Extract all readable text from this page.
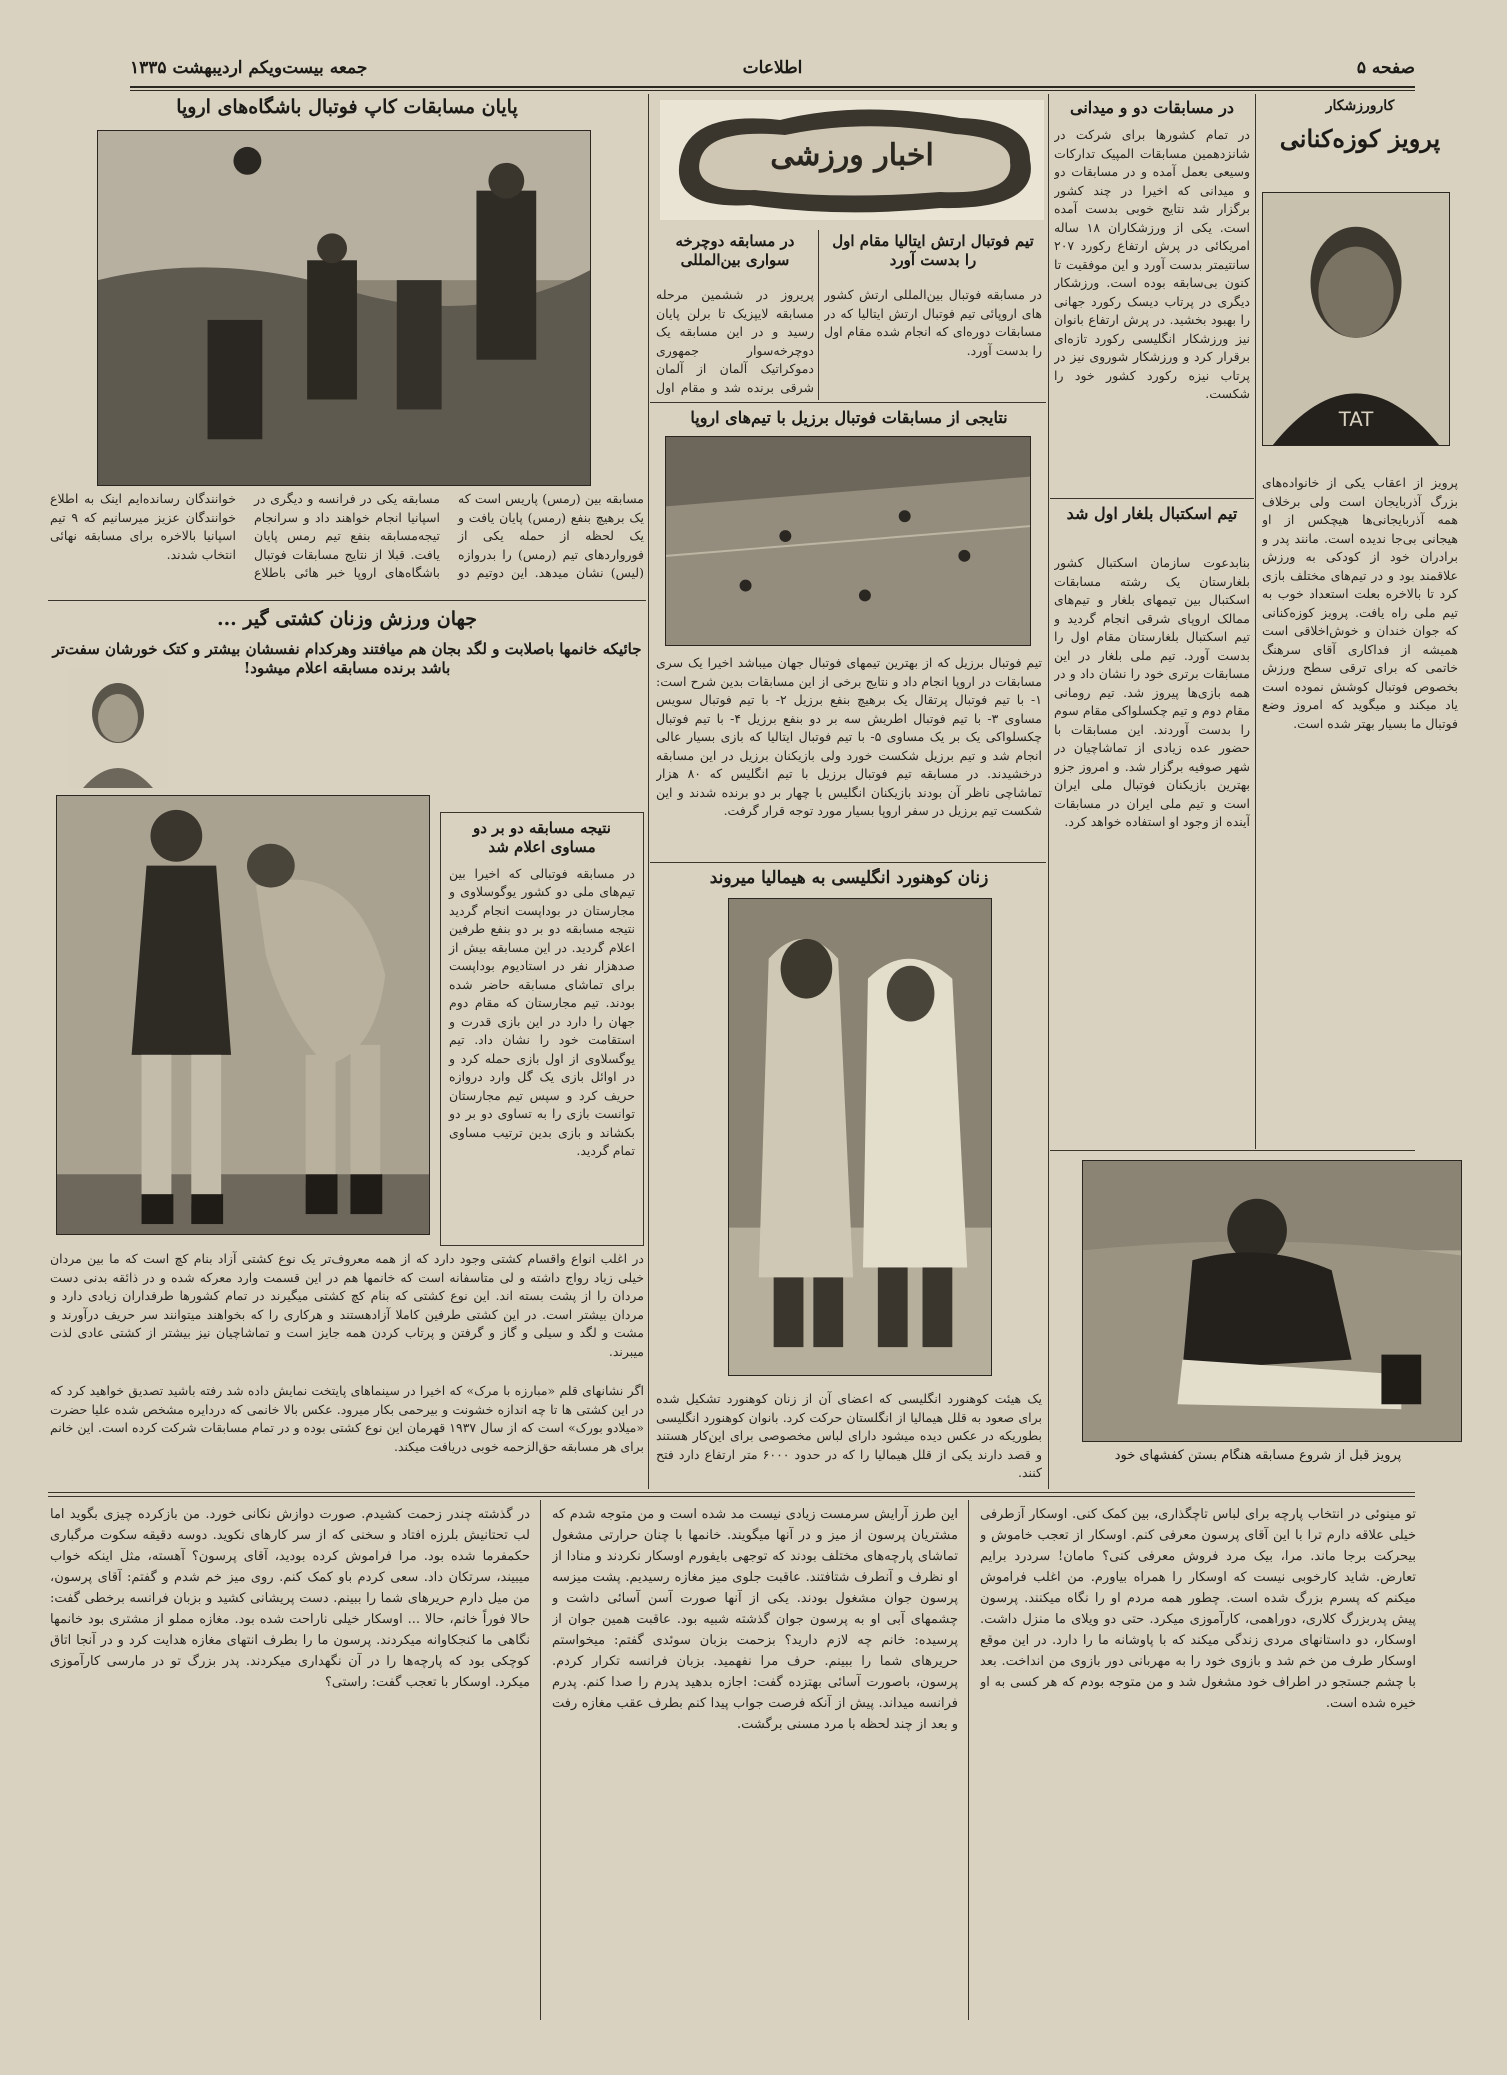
جمعه بیست‌ویکم اردیبهشت ۱۳۳۵	اطلاعات	صفحه ۵
پایان مسابقات کاپ فوتبال باشگاه‌های اروپا
مسابقه بین (رمس) پاریس است که یک برهیچ بنفع (رمس) پایان یافت و یک لحظه از حمله یکی از فوروارد‌های تیم (رمس) را بدروازه (لیس) نشان میدهد. این دوتیم دو مسابقه یکی در فرانسه و دیگری در اسپانیا انجام خواهند داد و سرانجام تیجه‌مسابقه بنفع تیم رمس پایان یافت. قبلا از نتایج مسابقات فوتبال باشگاه‌های اروپا خبر هائی باطلاع خوانندگان رسانده‌ایم اینک به اطلاع خوانندگان عزیز میرسانیم که ۹ تیم اسپانیا بالاخره برای مسابقه نهائی انتخاب شدند.
جهان ورزش وزنان کشتی گیر ...
جائیکه خانمها باصلابت و لگد بجان هم میافتند وهرکدام نفسشان بیشتر و کتک خورشان سفت‌تر باشد برنده مسابقه اعلام میشود!
نتیجه مسابقه دو بر دو مساوی اعلام شد
در مسابقه فوتبالی که اخیرا بین تیم‌های ملی دو کشور یوگوسلاوی و مجارستان در بوداپست انجام گردید نتیجه مسابقه دو بر دو بنفع طرفین اعلام گردید. در این مسابقه بیش از صدهزار نفر در استادیوم بوداپست برای تماشای مسابقه حاضر شده بودند. تیم مجارستان که مقام دوم جهان را دارد در این بازی قدرت و استقامت خود را نشان داد. تیم یوگسلاوی از اول بازی حمله کرد و در اوائل بازی یک گل وارد دروازه حریف کرد و سپس تیم مجارستان توانست بازی را به تساوی دو بر دو بکشاند و بازی بدین ترتیب مساوی تمام گردید.
در اغلب انواع واقسام کشتی وجود دارد که از همه معروف‌تر یک نوع کشتی آزاد بنام کچ است که ما بین مردان خیلی زیاد رواج داشته و لی متاسفانه است که خانمها هم در این قسمت وارد معرکه شده و در ذائقه بدنی دست مردان را از پشت بسته اند. این نوع کشتی که بنام کچ کشتی میگیرند در تمام کشورها طرفداران زیادی دارد و مردان بیشتر است. در این کشتی طرفین کاملا آزادهستند و هرکاری را که بخواهند میتوانند سر حریف درآورند و مشت و لگد و سیلی و گاز و گرفتن و پرتاب کردن همه جایز است و تماشاچیان نیز بیشتر از کشتی عادی لذت میبرند.
اگر نشانهای قلم «مبارزه با مرک» که اخیرا در سینماهای پایتخت نمایش داده شد رفته باشید تصدیق خواهید کرد که در این کشتی ها تا چه اندازه خشونت و بیرحمی بکار میرود. عکس بالا خانمی که دردایره مشخص شده علیا حضرت «میلادو بورک» است که از سال ۱۹۳۷ قهرمان این نوع کشتی بوده و در تمام مسابقات شرکت کرده است. این خانم برای هر مسابقه حق‌الزحمه خوبی دریافت میکند.
اخبار ورزشی
تیم فوتبال ارتش ایتالیا مقام اول را بدست آورد
در مسابقه فوتبال بین‌المللی ارتش کشور های اروپائی تیم فوتبال ارتش ایتالیا که در مسابقات دوره‌ای که انجام شده مقام اول را بدست آورد.
در مسابقه دوچرخه سواری بین‌المللی
پریروز در ششمین مرحله مسابقه لایپزیک تا برلن پایان رسید و در این مسابقه یک دوچرخه‌سوار جمهوری دموکراتیک آلمان از آلمان شرقی برنده شد و مقام اول
نتایجی از مسابقات فوتبال برزیل با تیم‌های اروپا
تیم فوتبال برزیل که از بهترین تیمهای فوتبال جهان میباشد اخیرا یک سری مسابقات در اروپا انجام داد و نتایج برخی از این مسابقات بدین شرح است: ۱- با تیم فوتبال پرتقال یک برهیچ بنفع برزیل ۲- با تیم فوتبال سویس مساوی ۳- با تیم فوتبال اطریش سه بر دو بنفع برزیل ۴- با تیم فوتبال چکسلواکی یک بر یک مساوی ۵- با تیم فوتبال ایتالیا که بازی بسیار عالی انجام شد و تیم برزیل شکست خورد ولی بازیکنان برزیل در این مسابقه درخشیدند. در مسابقه تیم فوتبال برزیل با تیم انگلیس که ۸۰ هزار تماشاچی ناظر آن بودند بازیکنان انگلیس با چهار بر دو برنده شدند و این شکست تیم برزیل در سفر اروپا بسیار مورد توجه قرار گرفت.
زنان کوهنورد انگلیسی به هیمالیا میروند
یک هیئت کوهنورد انگلیسی که اعضای آن از زنان کوهنورد تشکیل شده برای صعود به قلل هیمالیا از انگلستان حرکت کرد. بانوان کوهنورد انگلیسی بطوریکه در عکس دیده میشود دارای لباس مخصوصی برای این‌کار هستند و قصد دارند یکی از قلل هیمالیا را که در حدود ۶۰۰۰ متر ارتفاع دارد فتح کنند.
در مسابقات دو و میدانی
در تمام کشورها برای شرکت در شانزدهمین مسابقات المپیک تدارکات وسیعی بعمل آمده و در مسابقات دو و میدانی که اخیرا در چند کشور برگزار شد نتایج خوبی بدست آمده است. یکی از ورزشکاران ۱۸ ساله امریکائی در پرش ارتفاع رکورد ۲۰۷ سانتیمتر بدست آورد و این موفقیت تا کنون بی‌سابقه بوده است. ورزشکار دیگری در پرتاب دیسک رکورد جهانی را بهبود بخشید. در پرش ارتفاع بانوان نیز ورزشکار انگلیسی رکورد تازه‌ای برقرار کرد و ورزشکار شوروی نیز در پرتاب نیزه رکورد کشور خود را شکست.
تیم اسکتبال بلغار اول شد
بنابدعوت سازمان اسکتبال کشور بلغارستان یک رشته مسابقات اسکتبال بین تیمهای بلغار و تیم‌های ممالک اروپای شرقی انجام گردید و تیم اسکتبال بلغارستان مقام اول را بدست آورد. تیم ملی بلغار در این مسابقات برتری خود را نشان داد و در همه بازی‌ها پیروز شد. تیم رومانی مقام دوم و تیم چکسلواکی مقام سوم را بدست آوردند. این مسابقات با حضور عده زیادی از تماشاچیان در شهر صوفیه برگزار شد. و امروز جزو بهترین بازیکنان فوتبال ملی ایران است و تیم ملی ایران در مسابقات آینده از وجود او استفاده خواهد کرد.
کارورزشکار
پرویز کوزه‌کنانی
TAT
پرویز از اعقاب یکی از خانواده‌های بزرگ آذربایجان است ولی برخلاف همه آذربایجانی‌ها هیچکس از او هیجانی بی‌جا ندیده است. مانند پدر و برادران خود از کودکی به ورزش علاقمند بود و در تیم‌های مختلف بازی کرد تا بالاخره بعلت استعداد خوب به تیم ملی راه یافت. پرویز کوزه‌کنانی که جوان خندان و خوش‌اخلاقی است همیشه از فداکاری آقای سرهنگ خاتمی که برای ترقی سطح ورزش بخصوص فوتبال کوشش نموده است یاد میکند و میگوید که امروز وضع فوتبال ما بسیار بهتر شده است.
پرویز قبل از شروع مسابقه هنگام بستن کفشهای خود
تو مینوئی در انتخاب پارچه برای لباس تاچگذاری، بین کمک کنی. اوسکار آزطرفی خیلی علاقه دارم ترا با این آقای پرسون معرفی کنم. اوسکار از تعجب خاموش و بیحرکت برجا ماند. مرا، بیک مرد فروش معرفی کنی؟ مامان! سردرد برایم تعارض. شاید کارخوبی نیست که اوسکار را همراه بیاورم. من اغلب فراموش میکنم که پسرم بزرگ شده است. چطور همه مردم او را نگاه میکنند. پرسون پیش پدربزرگ کلاری، دوراهمی، کارآموزی میکرد. حتی دو ویلای ما منزل داشت. اوسکار، دو داستانهای مردی زندگی میکند که با پاوشانه ما را دارد. در این موقع اوسکار طرف من خم شد و بازوی خود را به مهربانی دور بازوی من انداخت. بعد با چشم جستجو در اطراف خود مشغول شد و من متوجه بودم که هر کسی به او خیره شده است.
این طرز آرایش سرمست زیادی نیست مد شده است و من متوجه شدم که مشتریان پرسون از میز و در آنها میگویند. خانمها با چنان حرارتی مشغول تماشای پارچه‌های مختلف بودند که توجهی بایفورم اوسکار نکردند و منادا از او نظرف و آنطرف شتافتند. عاقبت جلوی میز مغازه رسیدیم. پشت میزسه پرسون جوان مشغول بودند. یکی از آنها صورت آسن آسائی داشت و چشمهای آبی او به پرسون جوان گذشته شبیه بود. عاقبت همین جوان از پرسیده: خانم چه لازم دارید؟ بزحمت بزبان سوئدی گفتم: میخواستم حریرهای شما را ببینم. حرف مرا نفهمید. بزبان فرانسه تکرار کردم. پرسون، باصورت آسائی بهتزده گفت: اجازه بدهید پدرم را صدا کنم. پدرم فرانسه میداند. پیش از آنکه فرصت جواب پیدا کنم بطرف عقب مغازه رفت و بعد از چند لحظه با مرد مسنی برگشت.
در گذشته چندر زحمت کشیدم. صورت دوازش نکانی خورد. من بازکرده چیزی بگوید اما لب تحتانیش بلرزه افتاد و سخنی که از سر کارهای نکوید. دوسه دقیقه سکوت مرگباری حکمفرما شده بود. مرا فراموش کرده بودید، آقای پرسون؟ آهسته، مثل اینکه خواب میبیند، سرتکان داد. سعی کردم باو کمک کنم. روی میز خم شدم و گفتم: آقای پرسون، من میل دارم حریرهای شما را ببینم. دست پریشانی کشید و بزبان فرانسه برخطی گفت: حالا فوراً خانم، حالا ... اوسکار خیلی ناراحت شده بود. مغازه مملو از مشتری بود خانمها نگاهی ما کنجکاوانه میکردند. پرسون ما را بطرف انتهای مغازه هدایت کرد و در آنجا اتاق کوچکی بود که پارچه‌ها را در آن نگهداری میکردند. پدر بزرگ تو در مارسی کارآموزی میکرد. اوسکار با تعجب گفت: راستی؟
